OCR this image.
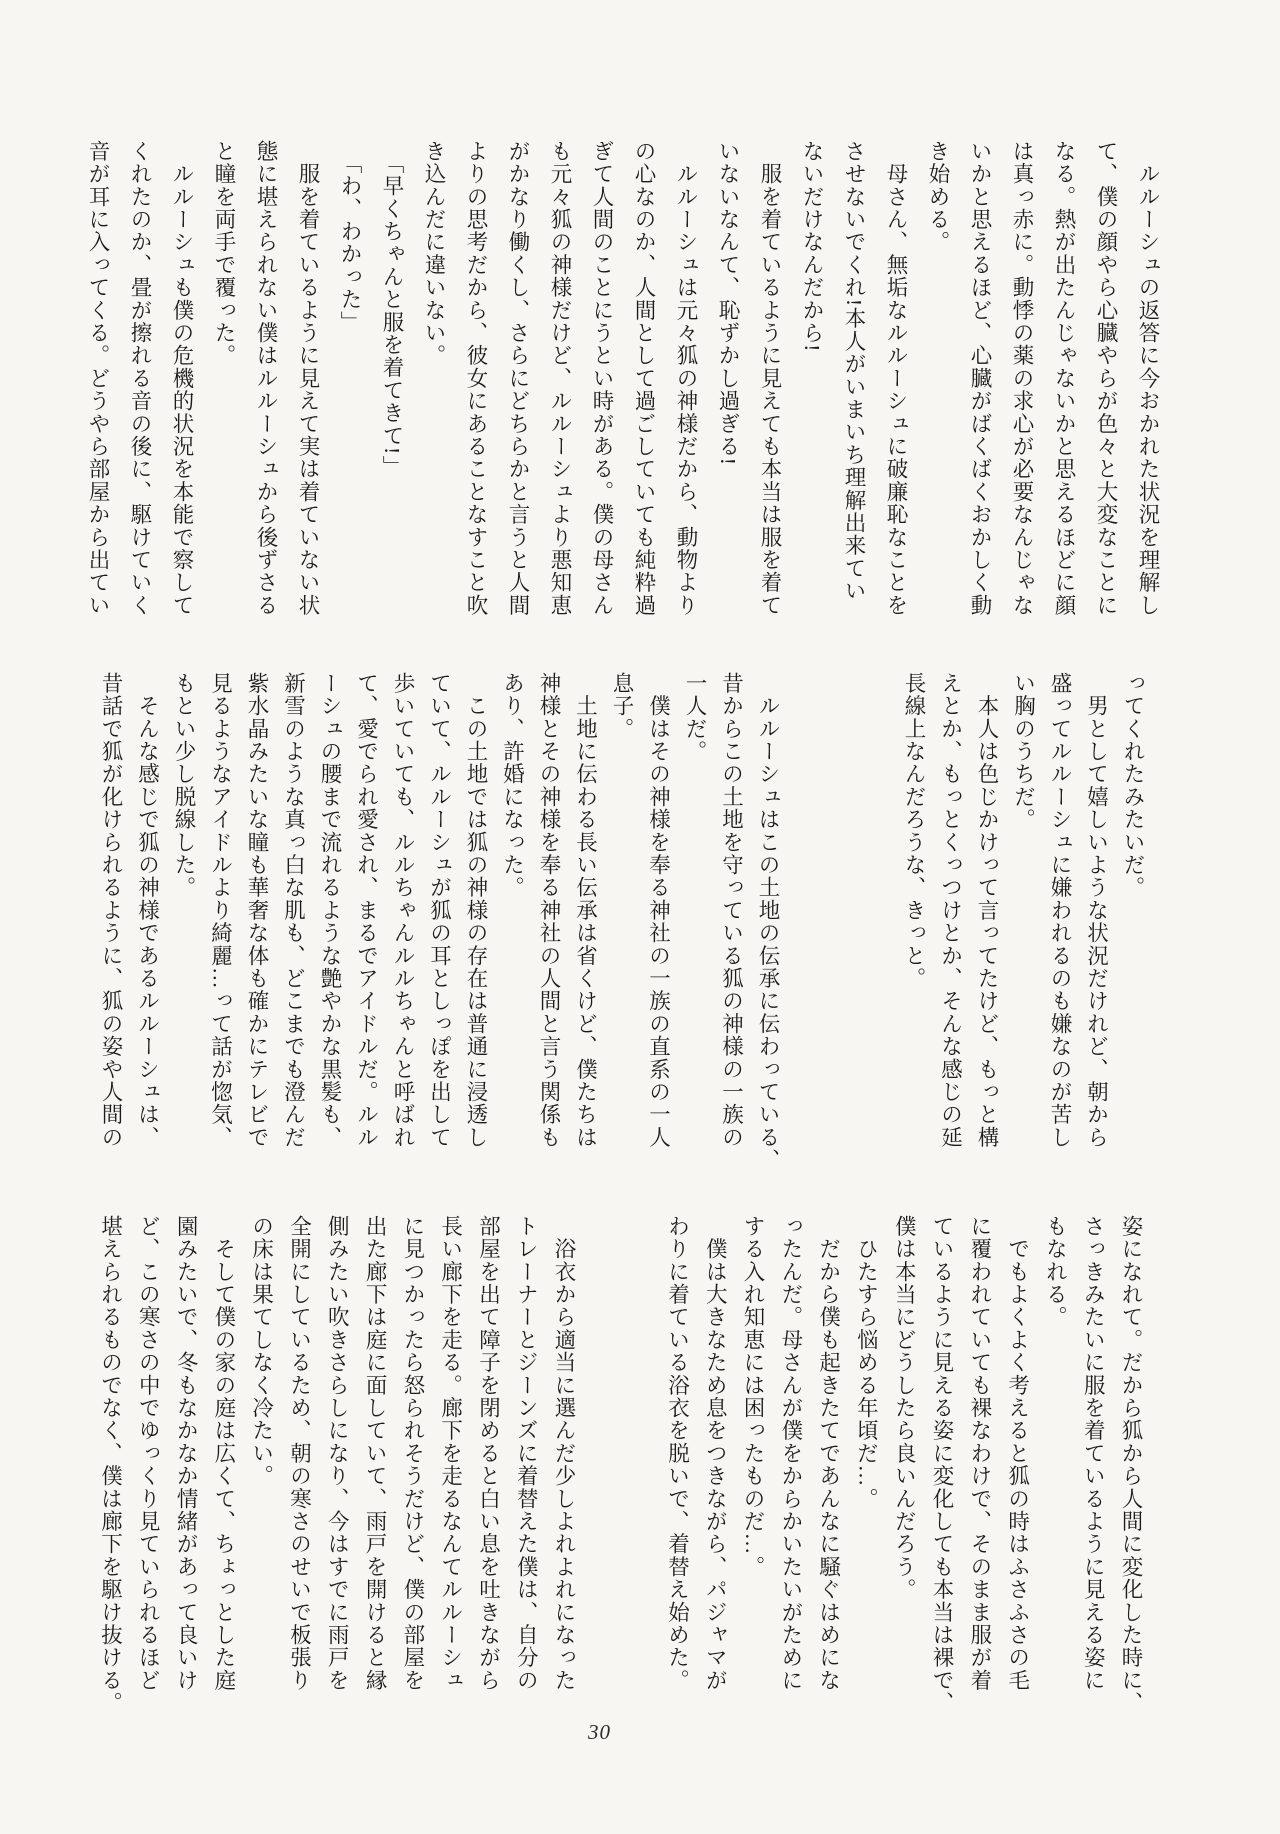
　ルルーシュの返答に今おかれた状況を理解し

て、僕の顔やら心臓やらが色々と大変なことに

なる。熱が出たんじゃないかと思えるほどに顔

は真っ赤に。動悸の薬の求心が必要なんじゃな

いかと思えるほど、心臓がばくばくおかしく動

き始める。

　母さん、無垢なルルーシュに破廉恥なことを

させないでくれ!本人がいまいち理解出来てい

ないだけなんだから!

　服を着ているように見えても本当は服を着て

いないなんて、恥ずかし過ぎる!

　ルルーシュは元々狐の神様だから、動物より

の心なのか、人間として過ごしていても純粋過

ぎて人間のことにうとい時がある。僕の母さん

も元々狐の神様だけど、ルルーシュより悪知恵

がかなり働くし、さらにどちらかと言うと人間

よりの思考だから、彼女にあることなすこと吹

き込んだに違いない。

　「早くちゃんと服を着てきて!」

　「わ、わかった」

　服を着ているように見えて実は着ていない状

態に堪えられない僕はルルーシュから後ずさる

と瞳を両手で覆った。

　ルルーシュも僕の危機的状況を本能で察して

くれたのか、畳が擦れる音の後に、駆けていく

音が耳に入ってくる。どうやら部屋から出てい

ってくれたみたいだ。

　男として嬉しいような状況だけれど、朝から

盛ってルルーシュに嫌われるのも嫌なのが苦し

い胸のうちだ。

　本人は色じかけって言ってたけど、もっと構

えとか、もっとくっつけとか、そんな感じの延

長線上なんだろうな、きっと。

　ルルーシュはこの土地の伝承に伝わっている、

昔からこの土地を守っている狐の神様の一族の

一人だ。

　僕はその神様を奉る神社の一族の直系の一人

息子。

　土地に伝わる長い伝承は省くけど、僕たちは

神様とその神様を奉る神社の人間と言う関係も

あり、許婚になった。

　この土地では狐の神様の存在は普通に浸透し

ていて、ルルーシュが狐の耳としっぽを出して

歩いていても、ルルちゃんルルちゃんと呼ばれ

て、愛でられ愛され、まるでアイドルだ。ルル

ーシュの腰まで流れるような艶やかな黒髪も、

新雪のような真っ白な肌も、どこまでも澄んだ

紫水晶みたいな瞳も華奢な体も確かにテレビで

見るようなアイドルより綺麗…って話が惚気、

もとい少し脱線した。

　そんな感じで狐の神様であるルルーシュは、

昔話で狐が化けられるように、狐の姿や人間の

姿になれて。だから狐から人間に変化した時に、

さっきみたいに服を着ているように見える姿に

もなれる。

　でもよくよく考えると狐の時はふさふさの毛

に覆われていても裸なわけで、そのまま服が着

ているように見える姿に変化しても本当は裸で、

僕は本当にどうしたら良いんだろう。

　ひたすら悩める年頃だ…。

　だから僕も起きたてであんなに騒ぐはめにな

ったんだ。母さんが僕をからかいたいがために

する入れ知恵には困ったものだ…。

　僕は大きなため息をつきながら、パジャマが

わりに着ている浴衣を脱いで、着替え始めた。

　浴衣から適当に選んだ少しよれよれになった

トレーナーとジーンズに着替えた僕は、自分の

部屋を出て障子を閉めると白い息を吐きながら

長い廊下を走る。廊下を走るなんてルルーシュ

に見つかったら怒られそうだけど、僕の部屋を

出た廊下は庭に面していて、雨戸を開けると縁

側みたい吹きさらしになり、今はすでに雨戸を

全開にしているため、朝の寒さのせいで板張り

の床は果てしなく冷たい。

　そして僕の家の庭は広くて、ちょっとした庭

園みたいで、冬もなかなか情緒があって良いけ

ど、この寒さの中でゆっくり見ていられるほど

堪えられるものでなく、僕は廊下を駆け抜ける。

30
